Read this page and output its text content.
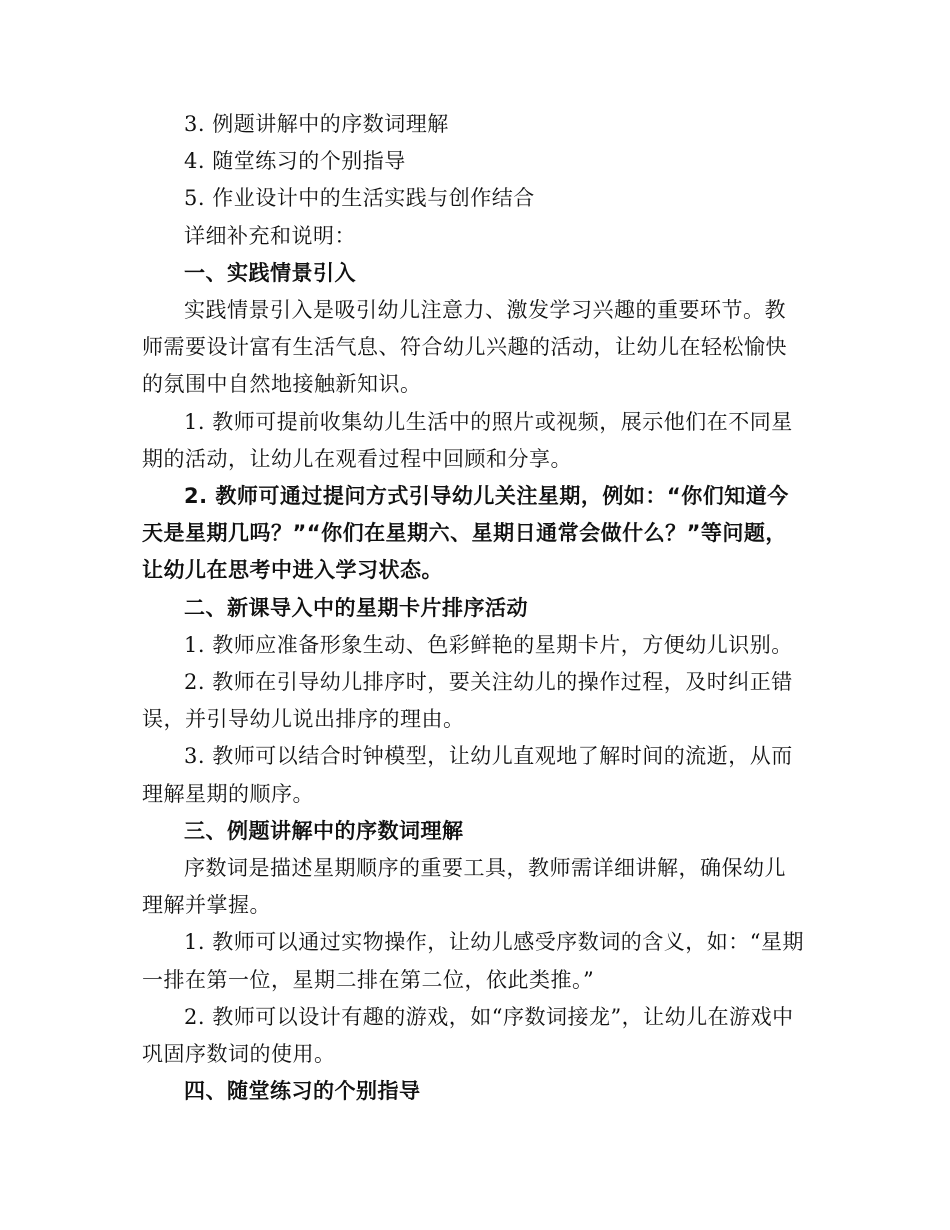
3. 例题讲解中的序数词理解

4. 随堂练习的个别指导

5. 作业设计中的生活实践与创作结合

详细补充和说明：

一、实践情景引入

实践情景引入是吸引幼儿注意力、激发学习兴趣的重要环节。教师需要设计富有生活气息、符合幼儿兴趣的活动，让幼儿在轻松愉快的氛围中自然地接触新知识。

1. 教师可提前收集幼儿生活中的照片或视频，展示他们在不同星期的活动，让幼儿在观看过程中回顾和分享。

2. 教师可通过提问方式引导幼儿关注星期，例如：“你们知道今天是星期几吗？”“你们在星期六、星期日通常会做什么？”等问题，让幼儿在思考中进入学习状态。

二、新课导入中的星期卡片排序活动

1. 教师应准备形象生动、色彩鲜艳的星期卡片，方便幼儿识别。

2. 教师在引导幼儿排序时，要关注幼儿的操作过程，及时纠正错误，并引导幼儿说出排序的理由。

3. 教师可以结合时钟模型，让幼儿直观地了解时间的流逝，从而理解星期的顺序。

三、例题讲解中的序数词理解

序数词是描述星期顺序的重要工具，教师需详细讲解，确保幼儿理解并掌握。

1. 教师可以通过实物操作，让幼儿感受序数词的含义，如：“星期一排在第一位，星期二排在第二位，依此类推。”

2. 教师可以设计有趣的游戏，如“序数词接龙”，让幼儿在游戏中巩固序数词的使用。

四、随堂练习的个别指导
